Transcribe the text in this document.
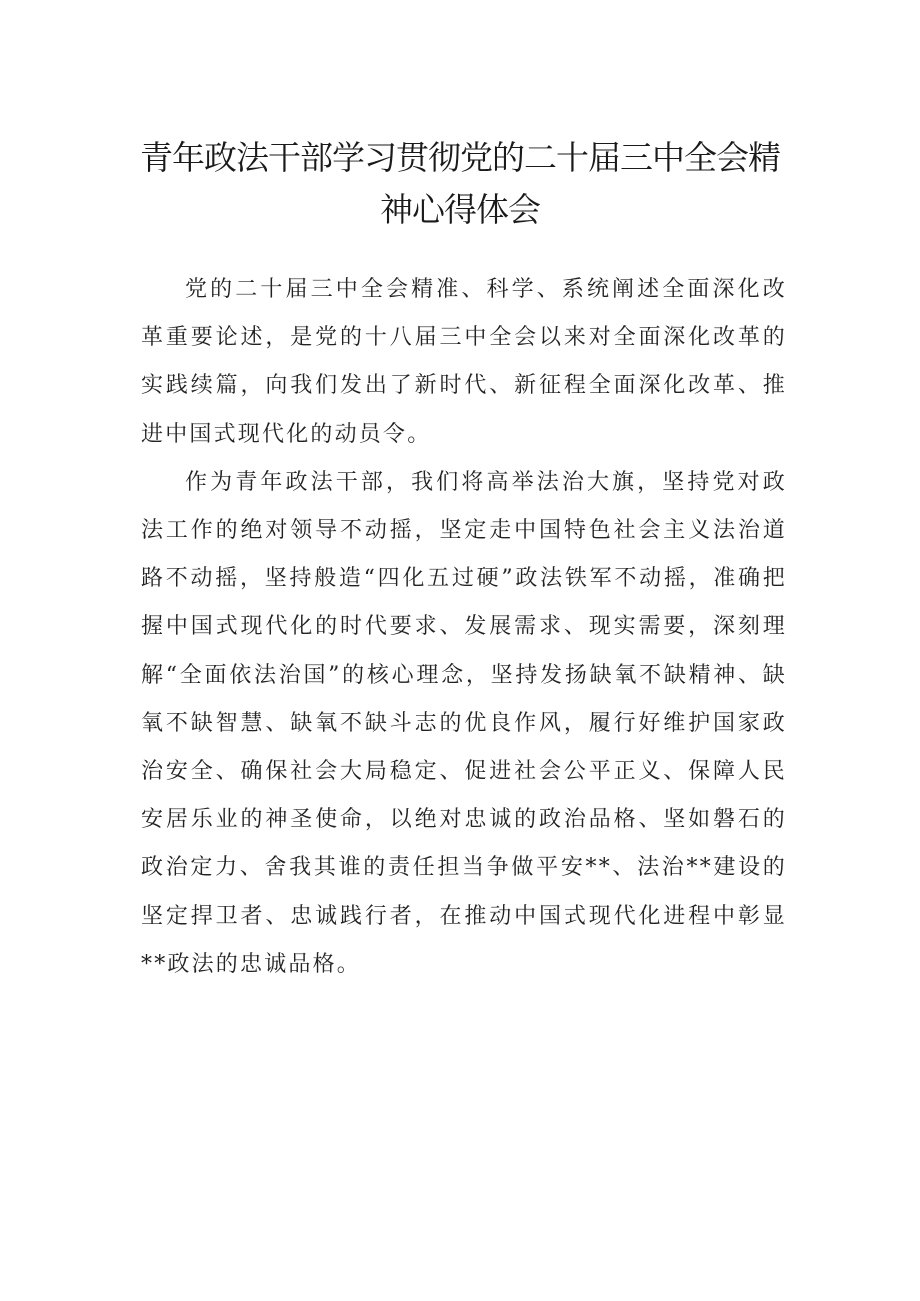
青年政法干部学习贯彻党的二十届三中全会精神心得体会

党的二十届三中全会精准、科学、系统阐述全面深化改革重要论述，是党的十八届三中全会以来对全面深化改革的实践续篇，向我们发出了新时代、新征程全面深化改革、推进中国式现代化的动员令。

作为青年政法干部，我们将高举法治大旗，坚持党对政法工作的绝对领导不动摇，坚定走中国特色社会主义法治道路不动摇，坚持般造“四化五过硬”政法铁军不动摇，准确把握中国式现代化的时代要求、发展需求、现实需要，深刻理解“全面依法治国”的核心理念，坚持发扬缺氧不缺精神、缺氧不缺智慧、缺氧不缺斗志的优良作风，履行好维护国家政治安全、确保社会大局稳定、促进社会公平正义、保障人民安居乐业的神圣使命，以绝对忠诚的政治品格、坚如磐石的政治定力、舍我其谁的责任担当争做平安**、法治**建设的坚定捍卫者、忠诚践行者，在推动中国式现代化进程中彰显**政法的忠诚品格。
